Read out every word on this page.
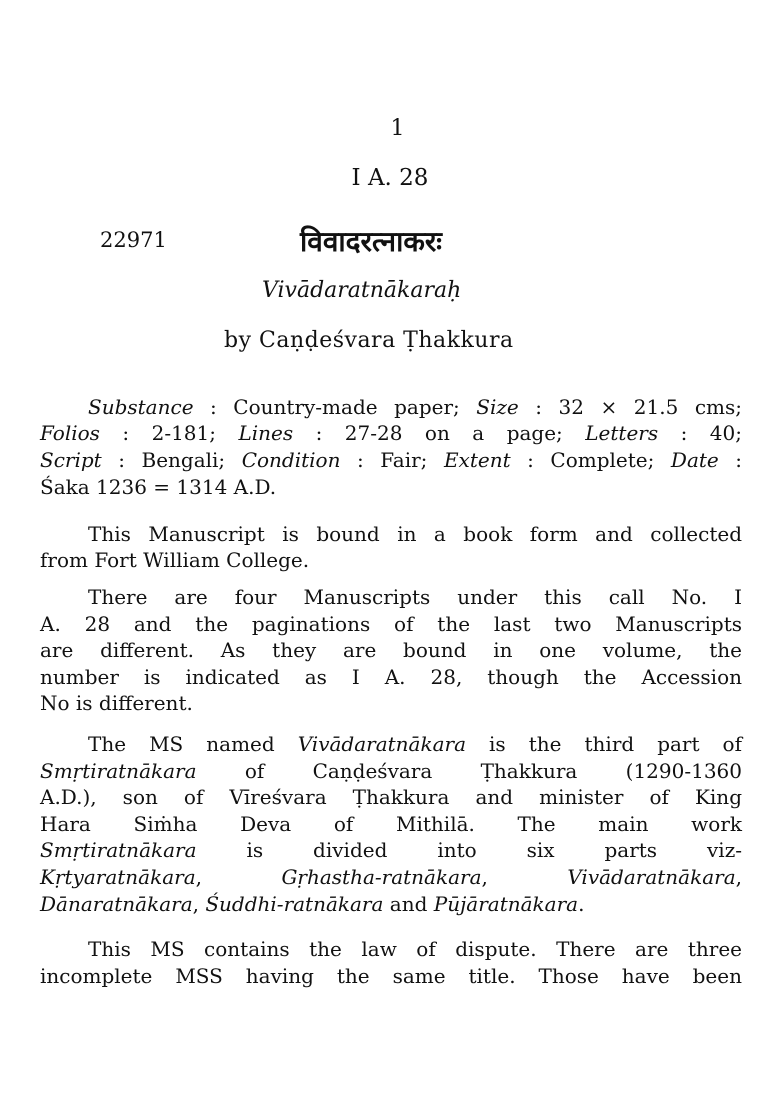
1
I A. 28
22971	विवादरत्नाकरः
Vivādaratnākaraḥ
by Caṇḍeśvara Ṭhakkura
Substance : Country-made paper; Size : 32 × 21.5 cms;
Folios : 2-181; Lines : 27-28 on a page; Letters : 40;
Script : Bengali; Condition : Fair; Extent : Complete; Date :
Śaka 1236 = 1314 A.D.
This Manuscript is bound in a book form and collected
from Fort William College.
There are four Manuscripts under this call No. I
A. 28 and the paginations of the last two Manuscripts
are different. As they are bound in one volume, the
number is indicated as I A. 28, though the Accession
No is different.
The MS named Vivādaratnākara is the third part of
Smṛtiratnākara of Caṇḍeśvara Ṭhakkura (1290-1360
A.D.), son of Vīreśvara Ṭhakkura and minister of King
Hara Siṁha Deva of Mithilā. The main work
Smṛtiratnākara is divided into six parts viz-
Kṛtyaratnākara, Gṛhastha-ratnākara, Vivādaratnākara,
Dānaratnākara, Śuddhi-ratnākara and Pūjāratnākara.
This MS contains the law of dispute. There are three
incomplete MSS having the same title. Those have been
